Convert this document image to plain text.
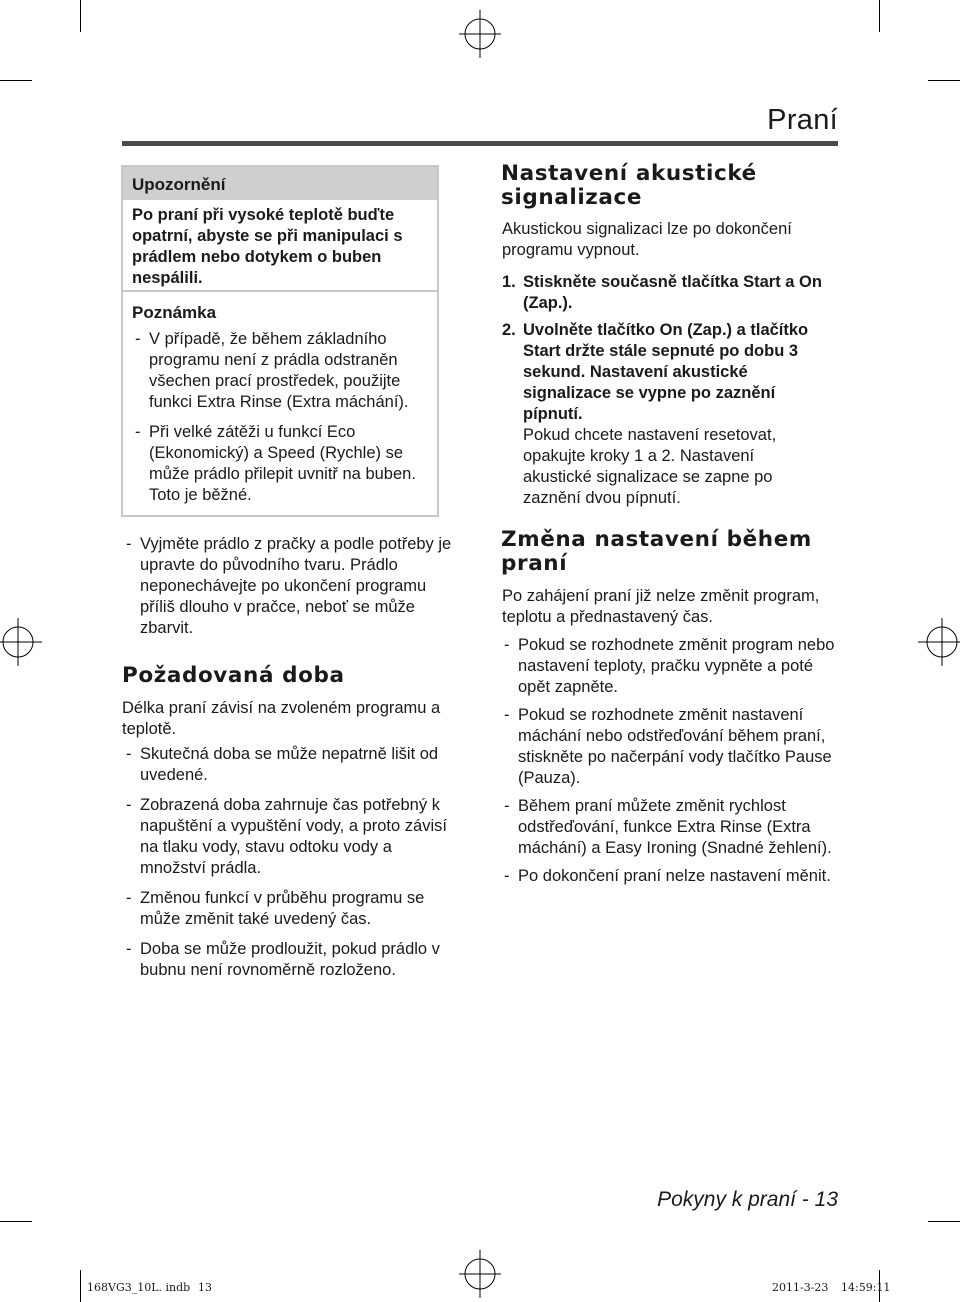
Praní
Upozornění
Po praní při vysoké teplotě buďte opatrní, abyste se při manipulaci s prádlem nebo dotykem o buben nespálili.
Poznámka
- V případě, že během základního programu není z prádla odstraněn všechen prací prostředek, použijte funkci Extra Rinse (Extra máchání).
- Při velké zátěži u funkcí Eco (Ekonomický) a Speed (Rychle) se může prádlo přilepit uvnitř na buben. Toto je běžné.
- Vyjměte prádlo z pračky a podle potřeby je upravte do původního tvaru. Prádlo neponechávejte po ukončení programu příliš dlouho v pračce, neboť se může zbarvit.
Požadovaná doba
Délka praní závisí na zvoleném programu a teplotě.
- Skutečná doba se může nepatrně lišit od uvedené.
- Zobrazená doba zahrnuje čas potřebný k napuštění a vypuštění vody, a proto závisí na tlaku vody, stavu odtoku vody a množství prádla.
- Změnou funkcí v průběhu programu se může změnit také uvedený čas.
- Doba se může prodloužit, pokud prádlo v bubnu není rovnoměrně rozloženo.
Nastavení akustické
signalizace
Akustickou signalizaci lze po dokončení programu vypnout.
1. Stiskněte současně tlačítka Start a On (Zap.).
2. Uvolněte tlačítko On (Zap.) a tlačítko Start držte stále sepnuté po dobu 3 sekund. Nastavení akustické signalizace se vypne po zaznění pípnutí.
Pokud chcete nastavení resetovat, opakujte kroky 1 a 2. Nastavení akustické signalizace se zapne po zaznění dvou pípnutí.
Změna nastavení během
praní
Po zahájení praní již nelze změnit program, teplotu a přednastavený čas.
- Pokud se rozhodnete změnit program nebo nastavení teploty, pračku vypněte a poté opět zapněte.
- Pokud se rozhodnete změnit nastavení máchání nebo odstřeďování během praní, stiskněte po načerpání vody tlačítko Pause (Pauza).
- Během praní můžete změnit rychlost odstřeďování, funkce Extra Rinse (Extra máchání) a Easy Ironing (Snadné žehlení).
- Po dokončení praní nelze nastavení měnit.
Pokyny k praní - 13
168VG3_10L. indb 13	2011-3-23 14:59:11
